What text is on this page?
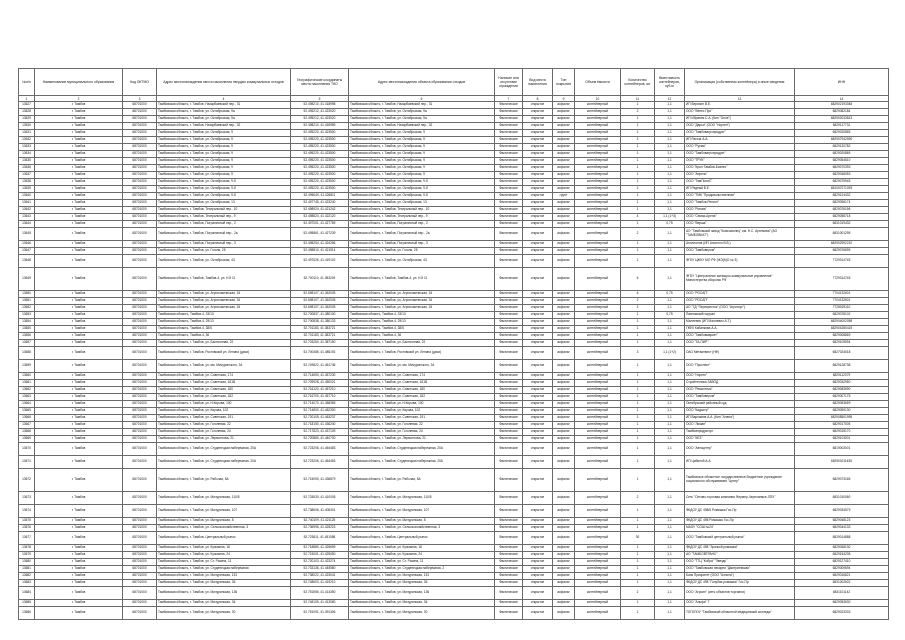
№п/п	Наименование муниципального образования	Код ОКТМО	Адрес местонахождения места накопления твердых коммунальных отходов	Географические координаты места накопления ТКО	Адрес местонахождения объекта образования отходов	Наличие или отсутствие ограждения	Вид места накопления	Тип покрытия	Объем ёмкости	Количество контейнеров, шт	Вместимость контейнеров, куб.м	Организация (собственник контейнера) и иные сведения	ИНН
1	2	3	4	5	6	7	8	9	10	11	12	13	14
13627	г. Тамбов	68701000	Тамбовская область, г. Тамбов, Назарбаевский пер., 31	52.498210, 41.418998	Тамбовская область, г. Тамбов, Назарбаевский пер., 31	Фактическое	открытое	асфальт	контейнерный	1	1,1	ИП Веряхин В.Е.	682902193048
13628	г. Тамбов	68701000	Тамбовская область, г. Тамбов, ул. Октябрьская, 9а	52.495212, 41.423020	Тамбовская область, г. Тамбов, ул. Октябрьская, 9а	Фактическое	открытое	асфальт	контейнерный	2	1,1	ООО "Велес Про"	6829082184
13629	г. Тамбов	68701000	Тамбовская область, г. Тамбов, ул. Октябрьская, 9а	52.495212, 41.423020	Тамбовская область, г. Тамбов, ул. Октябрьская, 9а	Фактическое	открытое	асфальт	контейнерный	1	1,1	ИП Ибрагим С.А. (Кин "Олле")	682902033813
13630	г. Тамбов	68701000	Тамбовская область, г. Тамбов, Назарбаевский пер., 32	52.498210, 41.418989	Тамбовская область, г. Тамбов, Назарбаевский пер., 32	Фактическое	открытое	асфальт	контейнерный	1	1,1	ООО "Дарья" (ООО "Норген")	6829117731
13631	г. Тамбов	68701000	Тамбовская область, г. Тамбов, ул. Октябрьская, 9	52.495220, 41.423500	Тамбовская область, г. Тамбов, ул. Октябрьская, 9	Фактическое	открытое	асфальт	контейнерный	1	1,1	ООО "Тамбовагропродукт"	6829020865
13632	г. Тамбов	68701000	Тамбовская область, г. Тамбов, ул. Октябрьская, 9	52.495220, 41.423500	Тамбовская область, г. Тамбов, ул. Октябрьская, 9	Фактическое	открытое	асфальт	контейнерный	2	1,1	ИП Рагоза А.А.	682907942590
13633	г. Тамбов	68701000	Тамбовская область, г. Тамбов, ул. Октябрьская, 9	52.495220, 41.423500	Тамбовская область, г. Тамбов, ул. Октябрьская, 9	Фактическое	открытое	асфальт	контейнерный	1	1,1	ООО "Русма"	6829120782
13634	г. Тамбов	68701000	Тамбовская область, г. Тамбов, ул. Октябрьская, 9	52.495220, 41.423500	Тамбовская область, г. Тамбов, ул. Октябрьская, 9	Фактическое	открытое	асфальт	контейнерный	1	1,1	ООО "Тамбовагропродукт"	6829020865
13635	г. Тамбов	68701000	Тамбовская область, г. Тамбов, ул. Октябрьская, 9	52.495220, 41.423500	Тамбовская область, г. Тамбов, ул. Октябрьская, 9	Фактическое	открытое	асфальт	контейнерный	1	1,1	ООО "ТРУК"	6829054510
13636	г. Тамбов	68701000	Тамбовская область, г. Тамбов, ул. Октябрьская, 9	52.495220, 41.423500	Тамбовская область, г. Тамбов, ул. Октябрьская, 9	Фактическое	открытое	асфальт	контейнерный	1	1,1	ООО "Крыт Тамбов-Бизнес"	6829070393
13637	г. Тамбов	68701000	Тамбовская область, г. Тамбов, ул. Октябрьская, 9	52.495220, 41.423500	Тамбовская область, г. Тамбов, ул. Октябрьская, 9	Фактическое	открытое	асфальт	контейнерный	1	1,1	ООО "Апрель"	6829048053
13638	г. Тамбов	68701000	Тамбовская область, г. Тамбов, ул. Октябрьская, 9-б	52.495220, 41.423500	Тамбовская область, г. Тамбов, ул. Октябрьская, 9-б	Фактическое	открытое	асфальт	контейнерный	1	1,1	ООО "ТамПолиС"	6829075945
13639	г. Тамбов	68701000	Тамбовская область, г. Тамбов, ул. Октябрьская, 9-б	52.495220, 41.423500	Тамбовская область, г. Тамбов, ул. Октябрьская, 9-б	Фактическое	открытое	асфальт	контейнерный	1	1,1	ИП Рядный В.Е.	681000771093
13640	г. Тамбов	68701000	Тамбовская область, г. Тамбов, ул. Октябрьская, 9-б	52.496040, 41.426811	Тамбовская область, г. Тамбов, ул. Октябрьская, 9-б	Фактическое	открытое	грунт	контейнерный	1	1,1	ООО "ТМК "Продовольственная"	6829124432
13641	г. Тамбов	68701000	Тамбовская область, г. Тамбов, ул. Октябрьская, 13	52.497745, 41.423240	Тамбовская область, г. Тамбов, ул. Октябрьская, 13	Фактическое	открытое	асфальт	контейнерный	1	1,1	ООО "Тамбов-Регион"	6829096174
13642	г. Тамбов	68701000	Тамбовская область, г. Тамбов, Театральный пер., 10	52.498924, 41.421242	Тамбовская область, г. Тамбов, Театральный пер., 10	Фактическое	открытое	асфальт	контейнерный	1	1,1	ООО "Рогова"	6829076156
13643	г. Тамбов	68701000	Тамбовская область, г. Тамбов, Театральный пер., 9	52.498824, 41.422120	Тамбовская область, г. Тамбов, Театральный пер., 9	Фактическое	открытое	асфальт	контейнерный	4	1,1 (1+3)	ООО "Семья-Арена"	6829058718
13644	г. Тамбов	68701000	Тамбовская область, г. Тамбов, Пограничный пер., 2	52.497001, 41.427789	Тамбовская область, г. Тамбов, Пограничный пер., 2	Фактическое	открытое	асфальт	контейнерный	1	0,75	ООО "Верша"	6831019432
13645	г. Тамбов	68701000	Тамбовская область, г. Тамбов, Пограничный пер., 2а	52.495861, 41.427239	Тамбовская область, г. Тамбов, Пограничный пер., 2а	Фактическое	открытое	асфальт	контейнерный	2	1,1	АО "Тамбовский завод "Комсомолец" им. Н.С. Артемова" (АО "ТАМБОВКАТ")	6831001295
13646	г. Тамбов	68701000	Тамбовская область, г. Тамбов, Пограничный пер., 3	52.498254, 41.424286	Тамбовская область, г. Тамбов, Пограничный пер., 3	Фактическое	открытое	асфальт	контейнерный	1	1,1	Аполлонов (ИП Аполлон В.В.)	682902992210
13647	г. Тамбов	68701000	Тамбовская область, г. Тамбов, ул. Гоголя, 25	52.498810, 41.421514	Тамбовская область, г. Тамбов, ул. Гоголя, 25	Фактическое	открытое	асфальт	контейнерный	1	1,1	ООО "Тамбовпром"	6829076699
13648	г. Тамбов	68701000	Тамбовская область, г. Тамбов, ул. Октябрьская, 43	52.497526, 41.419102	Тамбовская область, г. Тамбов, ул. Октябрьская, 43	Фактическое	открытое	асфальт	контейнерный	1	1,1	ФГБУ ЦЖКУ МО РФ (ЖЭ(К)О № 3)	7729314745
13649	г. Тамбов	68701000	Тамбовская область, г. Тамбов, Тамбов-4, ул. Н 8 11	52.700110, 41.383249	Тамбовская область, г. Тамбов, Тамбов-4, ул. Н 8 11	Фактическое	открытое	асфальт	контейнерный	6	1,1	ФГБУ "Центральное жилищно-коммунальное управление" Министерства обороны РФ	7729314745
13650	г. Тамбов	68701000	Тамбовская область, г. Тамбов, ул. Агрономическая, 34	52.698107, 41.362005	Тамбовская область, г. Тамбов, ул. Агрономическая, 34	Фактическое	открытое	асфальт	контейнерный	6	0,75	ООО "РОСАП"	7704132601
13651	г. Тамбов	68701000	Тамбовская область, г. Тамбов, ул. Агрономическая, 34	52.698107, 41.362005	Тамбовская область, г. Тамбов, ул. Агрономическая, 34	Фактическое	открытое	асфальт	контейнерный	2	1,1	ООО "РОСАП"	7704132601
13652	г. Тамбов	68701000	Тамбовская область, г. Тамбов, ул. Агрономическая, 34	52.698107, 41.362005	Тамбовская область, г. Тамбов, ул. Агрономическая, 34	Фактическое	открытое	асфальт	контейнерный	2	1,1	АО "ТД "Перекресток" (ООО "Агроторг")	7728029110
13653	г. Тамбов	68701000	Тамбовская область, Тамбов-4, 33/13	52.700837, 41.380100	Тамбовская область, Тамбов-4, 33/13	Фактическое	открытое	асфальт	контейнерный	1	0,75	Павловский окружн	6829078102
13654	г. Тамбов	68701000	Тамбовская область, Тамбов-4, 29/13	52.700838, 41.380133	Тамбовская область, Тамбов-4, 29/13	Фактическое	открытое	асфальт	контейнерный	1	1,1	Маллевич (ИП Маллевич А.Т.)	682904002058
13655	г. Тамбов	68701000	Тамбовская область, Тамбов-4, 38/5	52.701183, 41.383721	Тамбовская область, Тамбов-4, 38/5	Фактическое	открытое	асфальт	контейнерный	1	1,1	ГКФХ Кабанкова А.А.	682904280415
13656	г. Тамбов	68701000	Тамбовская область, Тамбов-4, 36	52.701183, 41.383721	Тамбовская область, Тамбов-4, 36	Фактическое	открытое	асфальт	контейнерный	1	1,1	ООО "Тамбовмаркет"	6829008869
13657	г. Тамбов	68701000	Тамбовская область, г. Тамбов, ул. Бастионная, 22	52.703260, 41.387150	Тамбовская область, г. Тамбов, ул. Бастионная, 22	Фактическое	открытое	асфальт	контейнерный	1	1,1	ООО "ТА-ПИР"	6829109594
13658	г. Тамбов	68701000	Тамбовская область, г. Тамбов, Ростовский ул. Ленина (дачи)	52.700486, 41.485192	Тамбовская область, г. Тамбов, Ростовский ул. Ленина (дачи)	Фактическое	открытое	асфальт	контейнерный	3	1,1 (1+2)	ОАО Метаинвест (НФ)	6827024018
13659	г. Тамбов	68701000	Тамбовская область, г. Тамбов, ул. им. Мичуринского, 34	52.749822, 41.461746	Тамбовская область, г. Тамбов, ул. им. Мичуринского, 34	Фактическое	открытое	асфальт	контейнерный	1	1,1	ООО "Проспект"	6829128738
13660	г. Тамбов	68701000	Тамбовская область, г. Тамбов, ул. Советская, 174	52.714690, 41.457230	Тамбовская область, г. Тамбов, ул. Советская, 174	Фактическое	открытое	асфальт	контейнерный	1	1,1	ООО "Норген"	6829112079
13661	г. Тамбов	68701000	Тамбовская область, г. Тамбов, ул. Советская, 161В	52.709928, 41.450021	Тамбовская область, г. Тамбов, ул. Советская, 161В	Фактическое	открытое	асфальт	контейнерный	1	1,1	Стройтехника ЗАВОД	6829032950
13662	г. Тамбов	68701000	Тамбовская область, г. Тамбов, ул. Советская, 180	52.716120, 41.457210	Тамбовская область, г. Тамбов, ул. Советская, 180	Фактическое	открытое	асфальт	контейнерный	1	1,1	ООО "Ремонтник"	6829083590
13663	г. Тамбов	68701000	Тамбовская область, г. Тамбов, ул. Советская, 182	52.716700, 41.457710	Тамбовская область, г. Тамбов, ул. Советская, 182	Фактическое	открытое	асфальт	контейнерный	1	1,1	ООО "Тамбовпром"	6829007175
13664	г. Тамбов	68701000	Тамбовская область, г. Тамбов, ул. Н.Кирова, 100	52.714070, 41.458355	Тамбовская область, г. Тамбов, ул. Н.Кирова, 100	Фактическое	открытое	асфальт	контейнерный	1	1,1	Октябрьский районный суд	6829053659
13665	г. Тамбов	68701000	Тамбовская область, г. Тамбов, ул. Кирова, 102	52.714800, 41.462300	Тамбовская область, г. Тамбов, ул. Кирова, 102	Фактическое	открытое	асфальт	контейнерный	1	1,1	ООО "Кадастр"	6829090130
13666	г. Тамбов	68701000	Тамбовская область, г. Тамбов, ул. Советская, 191	52.720105, 41.463237	Тамбовская область, г. Тамбов, ул. Советская, 191	Фактическое	открытое	асфальт	контейнерный	1	1,1	ИП Варламов А.А. (Кин "Алена")	682908501995
13667	г. Тамбов	68701000	Тамбовская область, г. Тамбов, ул. Гоголевая, 22	52.718150, 41.436240	Тамбовская область, г. Тамбов, ул. Гоголевая, 22	Фактическое	открытое	асфальт	контейнерный	1	1,1	ООО "Лиман"	6829017005
13668	г. Тамбов	68701000	Тамбовская область, г. Тамбов, ул. Гоголевая, 24	52.717823, 41.437109	Тамбовская область, г. Тамбов, ул. Гоголевая, 24	Фактическое	открытое	асфальт	контейнерный	1	1,1	Тамбовпродукторг	6829015170
13669	г. Тамбов	68701000	Тамбовская область, г. Тамбов, ул. Лермонтова, 21	52.720880, 41.440700	Тамбовская область, г. Тамбов, ул. Лермонтова, 21	Фактическое	открытое	асфальт	контейнерный	1	1,1	ООО "КЕЗ"	6829103001
13670	г. Тамбов	68701000	Тамбовская область, г. Тамбов, ул. Студенецкая набережная, 20А	52.723206, 41.464483	Тамбовская область, г. Тамбов, Студенецкая набережная, 20А	Фактическое	открытое	асфальт	контейнерный	1	1,1	ООО "Автоцентр"	6819003001
13671	г. Тамбов	68701000	Тамбовская область, г. Тамбов, ул. Студенецкая набережная, 20А	52.723206, 41.464483	Тамбовская область, г. Тамбов, Студенецкая набережная, 20А	Фактическое	открытое	асфальт	контейнерный	1	1,1	ИП Цибиной А.А.	682900211455
13672	г. Тамбов	68701000	Тамбовская область, г. Тамбов, ул. Рабочая, 5А	52.715090, 41.436879	Тамбовская область, г. Тамбов, ул. Рабочая, 5А	Фактическое	открытое	асфальт	контейнерный	1	1,1	Тамбовское областное государственное бюджетное учреждение социального обслуживания "Центр"	6829073165
13673	г. Тамбов	68701000	Тамбовская область, г. Тамбов, ул. Мичуринская, 110/5	52.733630, 41.410005	Тамбовская область, г. Тамбов, ул. Мичуринская, 110/5	Фактическое	открытое	асфальт	контейнерный	2	1,1	Сеть "Оптово-торговая компания Фермер-Черноземье-ЛПХ"	6831010060
13674	г. Тамбов	68701000	Тамбовская область, г. Тамбов, ул. Мичуринская, 107	52.738606, 41.406301	Тамбовская область, г. Тамбов, ул. Мичуринская, 107	Фактическое	открытое	асфальт	контейнерный	1	1,1	ФКДОУ ДС 498/6 Ромашка Гос-Пр	6829034579
13675	г. Тамбов	68701000	Тамбовская область, г. Тамбов, ул. Мичуринская, 8	52.740109, 41.421125	Тамбовская область, г. Тамбов, ул. Мичуринская, 8	Фактическое	открытое	асфальт	контейнерный	1	1,1	ФКДОУ ДС 498 Ромашка Гос-Пр	6829048123
13676	г. Тамбов	68701000	Тамбовская область, г. Тамбов, ул. Сельскохозяйственная, 3	52.736996, 41.425223	Тамбовская область, г. Тамбов, ул. Сельскохозяйственная, 3	Фактическое	открытое	асфальт	контейнерный	1	1,1	МАОУ "СОШ №24"	6829044133
13677	г. Тамбов	68701000	Тамбовская область, г. Тамбов, Центральный рынок	52.723611, 41.451088	Тамбовская область, г. Тамбов, Центральный рынок	Фактическое	открытое	асфальт	контейнерный	30	1,1	ООО "Тамбовский центральный рынок"	6829014888
13678	г. Тамбов	68701000	Тамбовская область, г. Тамбов, ул. Кузьмина, 16	52.718880, 41.425659	Тамбовская область, г. Тамбов, ул. Кузьмина, 16	Фактическое	открытое	асфальт	контейнерный	1	1,1	ФКДОУ ДС 498 "Зрачкой ромашки"	6829048130
13679	г. Тамбов	68701000	Тамбовская область, г. Тамбов, ул. Кузьмина, 24	52.715001, 41.425050	Тамбовская область, г. Тамбов, ул. Кузьмина, 24	Фактическое	открытое	асфальт	контейнерный	1	1,1	АО "ТАМБОВТРАНС"	6829154235
13680	г. Тамбов	68701000	Тамбовская область, г. Тамбов, ул. Ст. Разина, 11	52.720103, 41.423274	Тамбовская область, г. Тамбов, ул. Ст. Разина, 11	Фактическое	открытое	асфальт	контейнерный	1	1,1	ООО "ТТЦ "Кобра" "Звездь"	6829127410
13681	г. Тамбов	68701000	Тамбовская область, г. Тамбов, ул. Студенецкая набережная	52.733136, 41.445580	Тамбовская область, г. Тамбов, ул. Студенецкая набережная, 2	Фактическое	открытое	асфальт	контейнерный	1	1,1	ООО "Тамбовская пекарня "Дмитриевская"	6829009694
13682	г. Тамбов	68701000	Тамбовская область, г. Тамбов, ул. Мичуринская, 151	52.738022, 41.423041	Тамбовская область, г. Тамбов, ул. Мичуринская, 151	Фактическое	открытое	асфальт	контейнерный	1	1,1	Банк Приоритет (ООО "Аэлита")	6829016821
13683	г. Тамбов	68701000	Тамбовская область, г. Тамбов, ул. Мичуринская, 36	52.748603, 41.419210	Тамбовская область, г. Тамбов, ул. Мичуринская, 36	Фактическое	открытое	асфальт	контейнерный	1	1,1	ФКДОУ ДС 498 "Голубая ромашка" Гос-Пр	6831002602
13684	г. Тамбов	68701000	Тамбовская область, г. Тамбов, ул. Мичуринская, 136	52.751556, 41.414350	Тамбовская область, г. Тамбов, ул. Мичуринская, 136	Фактическое	открытое	асфальт	контейнерный	2	1,1	ООО "Агроин" (сеть объектов торговли)	6831101142
13685	г. Тамбов	68701000	Тамбовская область, г. Тамбов, ул. Мичуринская, 36	52.748105, 41.413080	Тамбовская область, г. Тамбов, ул. Мичуринская, 36	Фактическое	открытое	асфальт	контейнерный	1	1,1	ООО "Альфа" Т	6829053630
13686	г. Тамбов	68701000	Тамбовская область, г. Тамбов, ул. Мичуринская, 30	52.751091, 41.391306	Тамбовская область, г. Тамбов, ул. Мичуринская, 30	Фактическое	открытое	асфальт	контейнерный	1	1,1	ТОГБПОУ "Тамбовский областной медицинский колледж"	6829023333
